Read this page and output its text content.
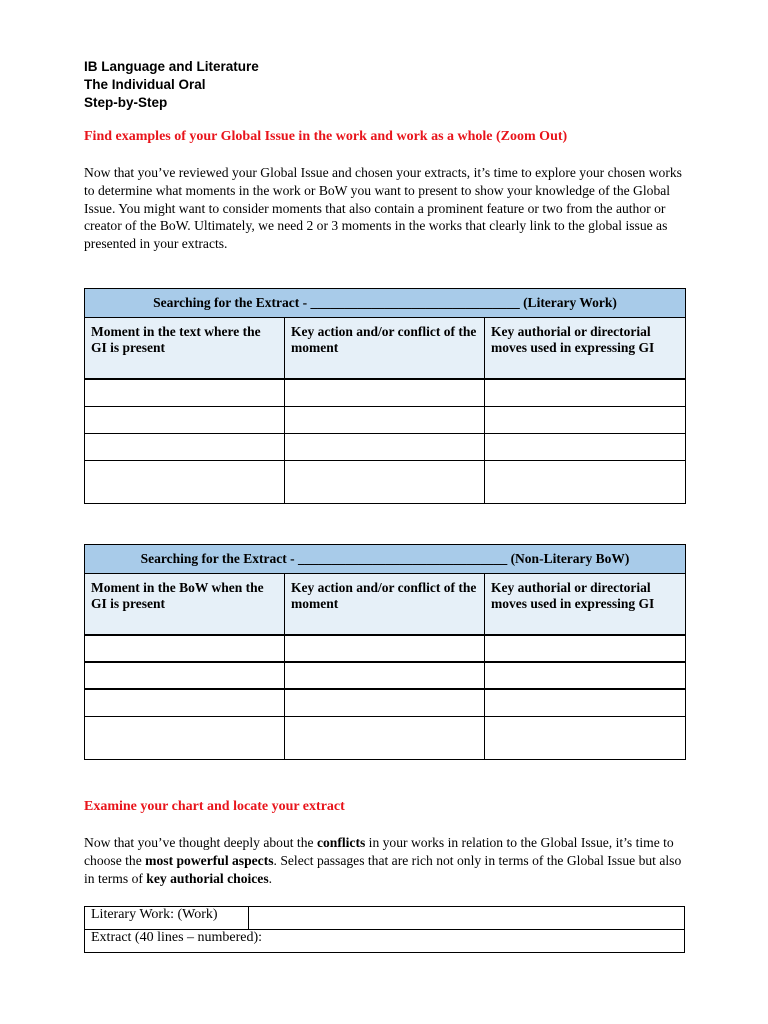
IB Language and Literature
The Individual Oral
Step-by-Step
Find examples of your Global Issue in the work and work as a whole (Zoom Out)
Now that you’ve reviewed your Global Issue and chosen your extracts, it’s time to explore your chosen works to determine what moments in the work or BoW you want to present to show your knowledge of the Global Issue. You might want to consider moments that also contain a prominent feature or two from the author or creator of the BoW. Ultimately, we need 2 or 3 moments in the works that clearly link to the global issue as presented in your extracts.
Searching for the Extract - _______________________________ (Literary Work)		
Moment in the text where the GI is present	Key action and/or conflict of the moment	Key authorial or directorial moves used in expressing GI

Searching for the Extract - _______________________________ (Non-Literary BoW)		
Moment in the BoW when the GI is present	Key action and/or conflict of the moment	Key authorial or directorial moves used in expressing GI

Examine your chart and locate your extract
Now that you’ve thought deeply about the conflicts in your works in relation to the Global Issue, it’s time to choose the most powerful aspects. Select passages that are rich not only in terms of the Global Issue but also in terms of key authorial choices.
Literary Work: (Work)	
Extract (40 lines – numbered):
